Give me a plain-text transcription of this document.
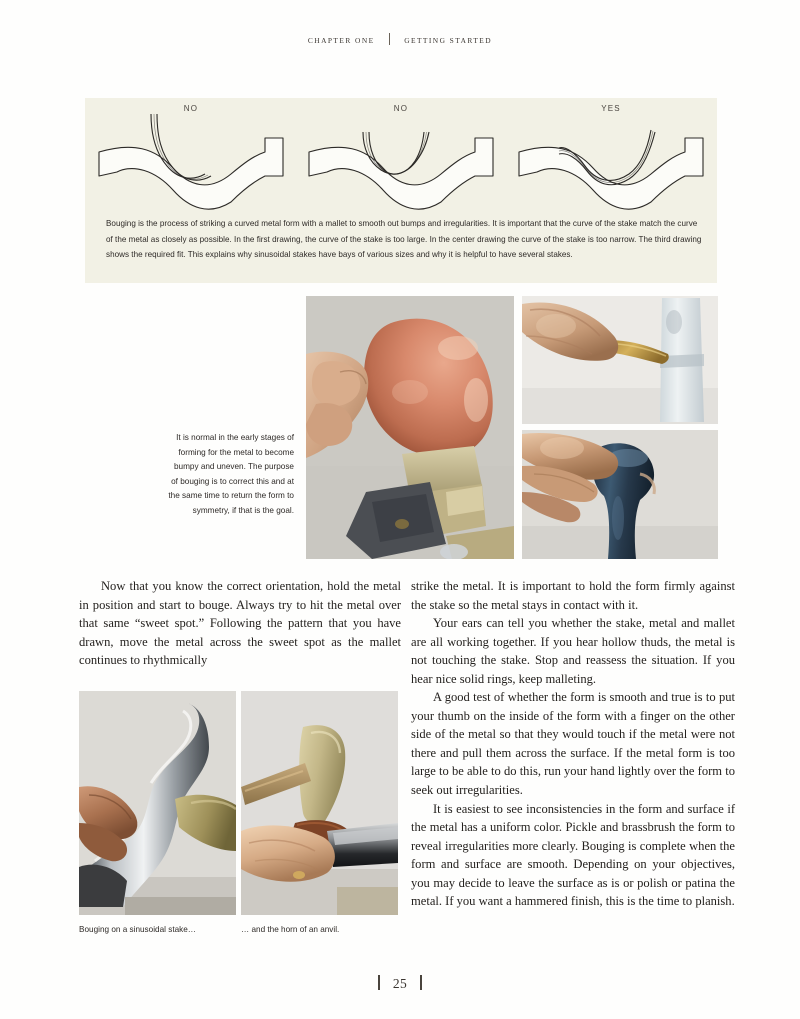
CHAPTER ONE	GETTING STARTED
NO	NO	YES
Bouging is the process of striking a curved metal form with a mallet to smooth out bumps and irregularities. It is important that the curve of the stake match the curve of the metal as closely as possible. In the first drawing, the curve of the stake is too large. In the center drawing the curve of the stake is too narrow. The third drawing shows the required fit. This explains why sinusoidal stakes have bays of various sizes and why it is helpful to have several stakes.
It is normal in the early stages of forming for the metal to become bumpy and uneven. The purpose of bouging is to correct this and at the same time to return the form to symmetry, if that is the goal.

Now that you know the correct orientation, hold the metal in position and start to bouge. Always try to hit the metal over that same “sweet spot.” Following the pattern that you have drawn, move the metal across the sweet spot as the mallet continues to rhythmically

strike the metal. It is important to hold the form firmly against the stake so the metal stays in contact with it.

Your ears can tell you whether the stake, metal and mallet are all working together. If you hear hollow thuds, the metal is not touching the stake. Stop and reassess the situation. If you hear nice solid rings, keep malleting.

A good test of whether the form is smooth and true is to put your thumb on the inside of the form with a finger on the other side of the metal so that they would touch if the metal were not there and pull them across the surface. If the metal form is too large to be able to do this, run your hand lightly over the form to seek out irregularities.

It is easiest to see inconsistencies in the form and surface if the metal has a uniform color. Pickle and brassbrush the form to reveal irregularities more clearly. Bouging is complete when the form and surface are smooth. Depending on your objectives, you may decide to leave the surface as is or polish or patina the metal. If you want a hammered finish, this is the time to planish.

Bouging on a sinusoidal stake…	… and the horn of an anvil.
25
